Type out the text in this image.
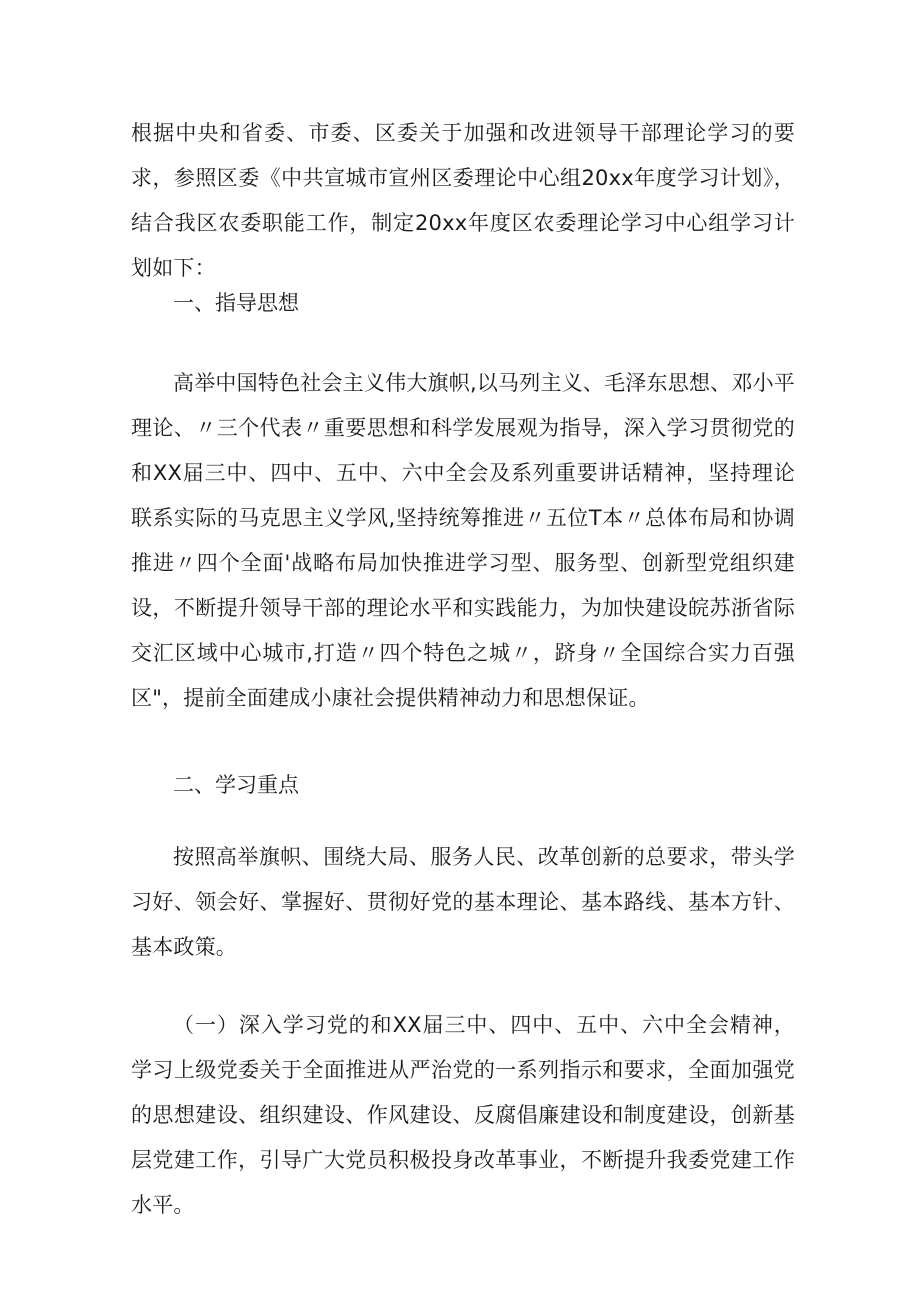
根据中央和省委、市委、区委关于加强和改进领导干部理论学习的要求，参照区委《中共宣城市宣州区委理论中心组20xx年度学习计划》，结合我区农委职能工作，制定20xx年度区农委理论学习中心组学习计划如下：

一、指导思想

高举中国特色社会主义伟大旗帜,以马列主义、毛泽东思想、邓小平理论、〃三个代表〃重要思想和科学发展观为指导，深入学习贯彻党的和XX届三中、四中、五中、六中全会及系列重要讲话精神，坚持理论联系实际的马克思主义学风,坚持统筹推进〃五位T本〃总体布局和协调推进〃四个全面'战略布局加快推进学习型、服务型、创新型党组织建设，不断提升领导干部的理论水平和实践能力，为加快建设皖苏浙省际交汇区域中心城市,打造〃四个特色之城〃，跻身〃全国综合实力百强区"，提前全面建成小康社会提供精神动力和思想保证。

二、学习重点

按照高举旗帜、围绕大局、服务人民、改革创新的总要求，带头学习好、领会好、掌握好、贯彻好党的基本理论、基本路线、基本方针、基本政策。

（一）深入学习党的和XX届三中、四中、五中、六中全会精神，学习上级党委关于全面推进从严治党的一系列指示和要求，全面加强党的思想建设、组织建设、作风建设、反腐倡廉建设和制度建设，创新基层党建工作，引导广大党员积极投身改革事业，不断提升我委党建工作水平。
